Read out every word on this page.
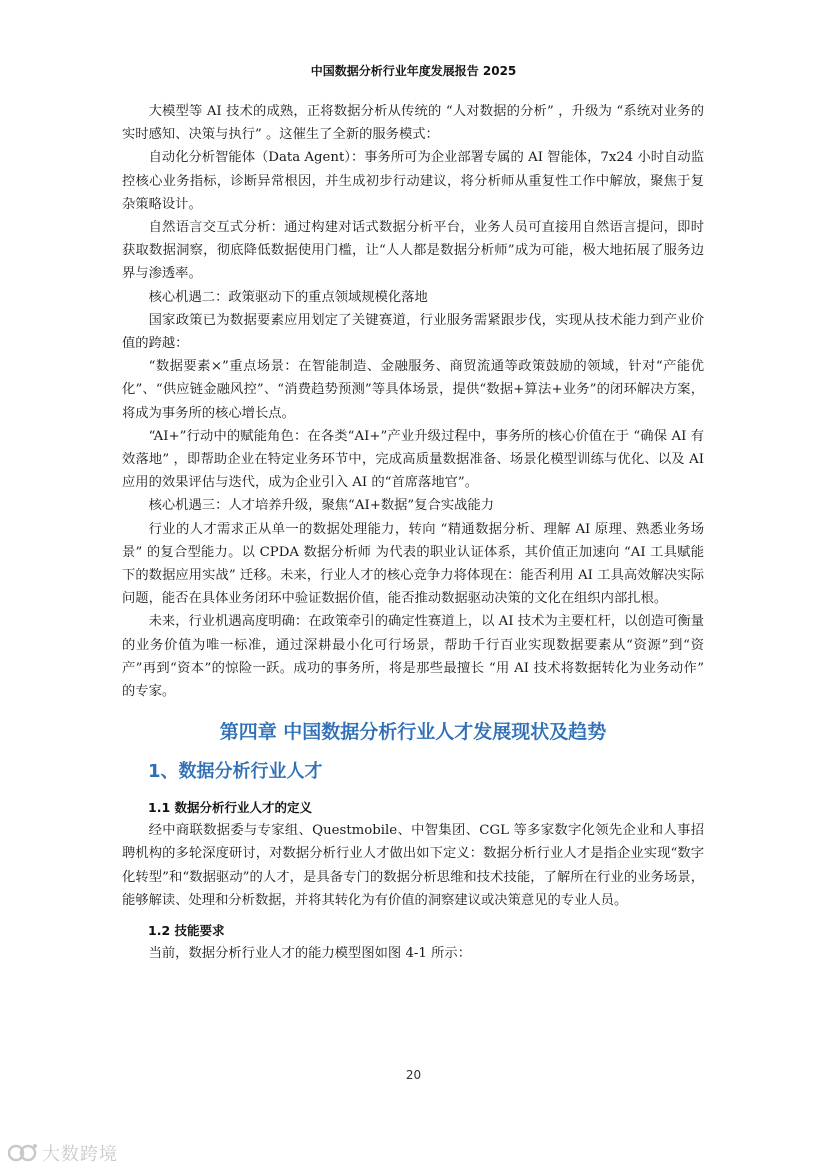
中国数据分析行业年度发展报告 2025

大模型等 AI 技术的成熟，正将数据分析从传统的 “人对数据的分析” ，升级为 “系统对业务的实时感知、决策与执行” 。这催生了全新的服务模式：

自动化分析智能体（Data Agent）：事务所可为企业部署专属的 AI 智能体，7x24 小时自动监控核心业务指标，诊断异常根因，并生成初步行动建议，将分析师从重复性工作中解放，聚焦于复杂策略设计。

自然语言交互式分析：通过构建对话式数据分析平台，业务人员可直接用自然语言提问，即时获取数据洞察，彻底降低数据使用门槛，让“人人都是数据分析师”成为可能，极大地拓展了服务边界与渗透率。

核心机遇二：政策驱动下的重点领域规模化落地

国家政策已为数据要素应用划定了关键赛道，行业服务需紧跟步伐，实现从技术能力到产业价值的跨越：

“数据要素×”重点场景：在智能制造、金融服务、商贸流通等政策鼓励的领域，针对“产能优化”、“供应链金融风控”、“消费趋势预测”等具体场景，提供“数据+算法+业务”的闭环解决方案，将成为事务所的核心增长点。

“AI+”行动中的赋能角色：在各类“AI+”产业升级过程中，事务所的核心价值在于 “确保 AI 有效落地” ，即帮助企业在特定业务环节中，完成高质量数据准备、场景化模型训练与优化、以及 AI 应用的效果评估与迭代，成为企业引入 AI 的“首席落地官”。

核心机遇三：人才培养升级，聚焦“AI+数据”复合实战能力

行业的人才需求正从单一的数据处理能力，转向 “精通数据分析、理解 AI 原理、熟悉业务场景” 的复合型能力。以 CPDA 数据分析师 为代表的职业认证体系，其价值正加速向 “AI 工具赋能下的数据应用实战” 迁移。未来，行业人才的核心竞争力将体现在：能否利用 AI 工具高效解决实际问题，能否在具体业务闭环中验证数据价值，能否推动数据驱动决策的文化在组织内部扎根。

未来，行业机遇高度明确：在政策牵引的确定性赛道上，以 AI 技术为主要杠杆，以创造可衡量的业务价值为唯一标准，通过深耕最小化可行场景，帮助千行百业实现数据要素从“资源”到“资产”再到“资本”的惊险一跃。成功的事务所，将是那些最擅长 “用 AI 技术将数据转化为业务动作” 的专家。

第四章 中国数据分析行业人才发展现状及趋势
1、数据分析行业人才
1.1 数据分析行业人才的定义

经中商联数据委与专家组、Questmobile、中智集团、CGL 等多家数字化领先企业和人事招聘机构的多轮深度研讨，对数据分析行业人才做出如下定义：数据分析行业人才是指企业实现“数字化转型”和“数据驱动”的人才，是具备专门的数据分析思维和技术技能，了解所在行业的业务场景，能够解读、处理和分析数据，并将其转化为有价值的洞察建议或决策意见的专业人员。

1.2 技能要求

当前，数据分析行业人才的能力模型图如图 4-1 所示：

20
大数跨境
